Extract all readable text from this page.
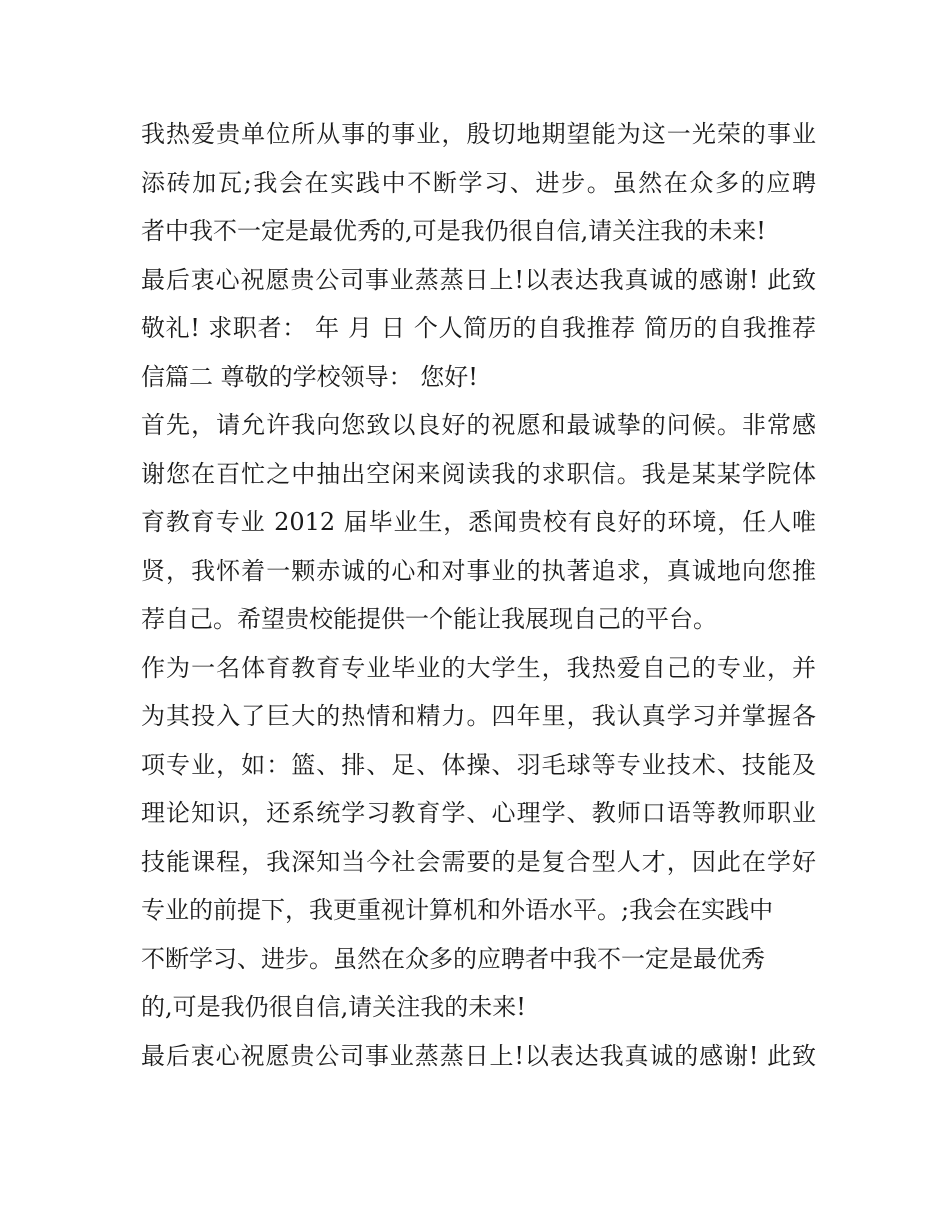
我热爱贵单位所从事的事业，殷切地期望能为这一光荣的事业
添砖加瓦;我会在实践中不断学习、进步。虽然在众多的应聘
者中我不一定是最优秀的,可是我仍很自信,请关注我的未来!
最后衷心祝愿贵公司事业蒸蒸日上!以表达我真诚的感谢! 此致
敬礼! 求职者： 年 月 日 个人简历的自我推荐 简历的自我推荐
信篇二 尊敬的学校领导： 您好!
首先，请允许我向您致以良好的祝愿和最诚挚的问候。非常感
谢您在百忙之中抽出空闲来阅读我的求职信。我是某某学院体
育教育专业 2012 届毕业生，悉闻贵校有良好的环境，任人唯
贤，我怀着一颗赤诚的心和对事业的执著追求，真诚地向您推
荐自己。希望贵校能提供一个能让我展现自己的平台。
作为一名体育教育专业毕业的大学生，我热爱自己的专业，并
为其投入了巨大的热情和精力。四年里，我认真学习并掌握各
项专业，如：篮、排、足、体操、羽毛球等专业技术、技能及
理论知识，还系统学习教育学、心理学、教师口语等教师职业
技能课程，我深知当今社会需要的是复合型人才，因此在学好
专业的前提下，我更重视计算机和外语水平。;我会在实践中
不断学习、进步。虽然在众多的应聘者中我不一定是最优秀
的,可是我仍很自信,请关注我的未来!
最后衷心祝愿贵公司事业蒸蒸日上!以表达我真诚的感谢! 此致
